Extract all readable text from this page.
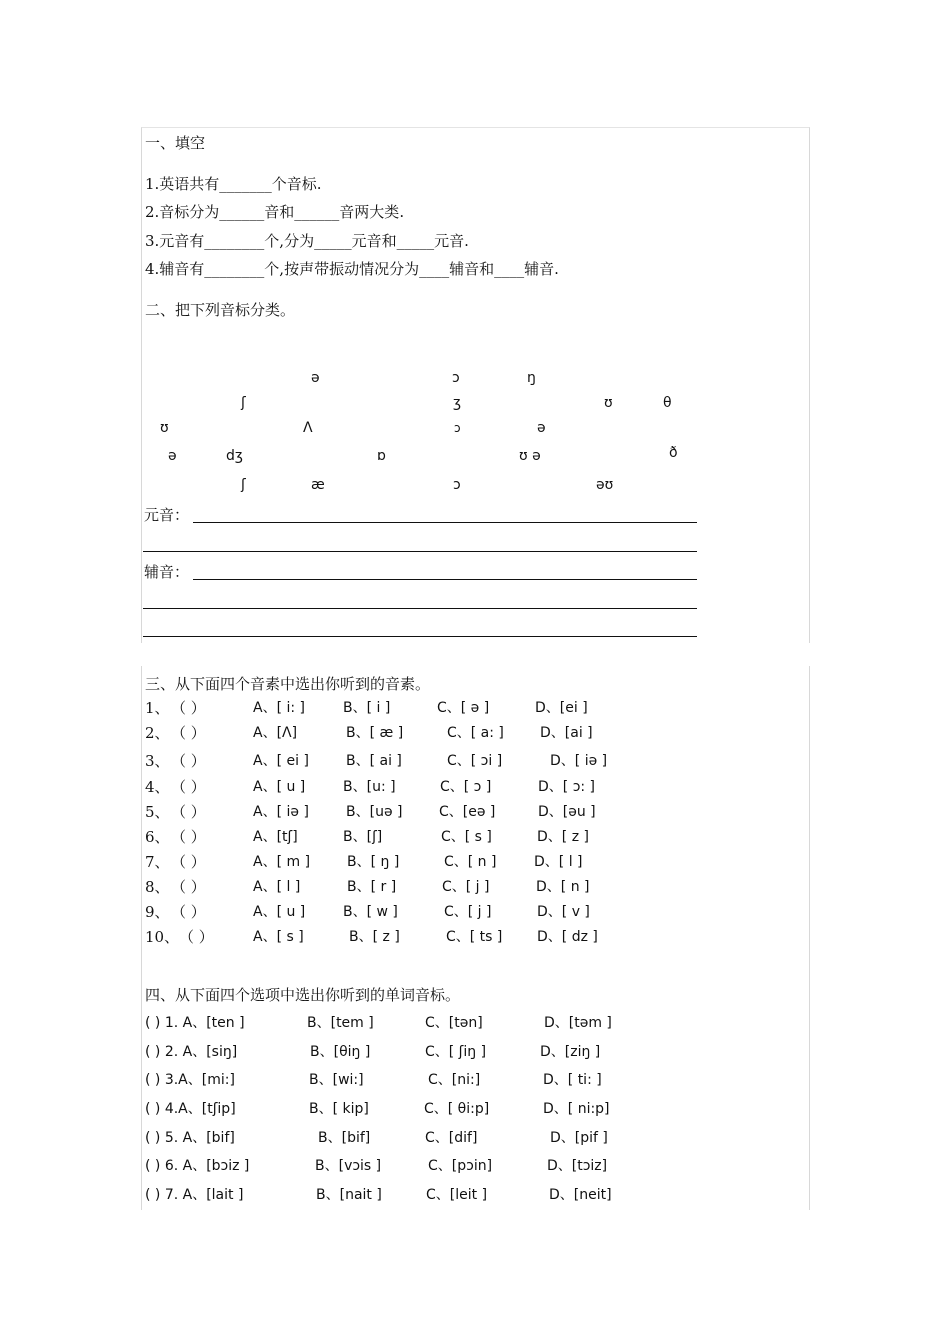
一、填空
1.英语共有_______个音标.
2.音标分为______音和______音两大类.
3.元音有________个,分为_____元音和_____元音.
4.辅音有________个,按声带振动情况分为____辅音和____辅音.
二、把下列音标分类。
ə	ɔ	ŋ
ʃ	ʒ	ʊ	θ
ʊ	Λ	ɔ	ə
ə	dʒ	ɒ	ʊ ə	ð
ʃ	æ	ɔ	əʊ
元音：
辅音：
三、从下面四个音素中选出你听到的音素。
1、 （ ）	A、[ i: ]	B、[ i ]	C、[ ə ]	D、[ei ]
2、 （ ）	A、[Λ]	B、[ æ ]	C、[ a: ]	D、[ai ]
3、 （ ）	A、[ ei ]	B、[ ai ]	C、[ ɔi ]	D、[ iə ]
4、 （ ）	A、[ u ]	B、[u: ]	C、[ ɔ ]	D、[ ɔ: ]
5、 （ ）	A、[ iə ]	B、[uə ]	C、[eə ]	D、[əu ]
6、 （ ）	A、[tʃ]	B、[ʃ]	C、[ s ]	D、[ z ]
7、 （ ）	A、[ m ]	B、[ ŋ ]	C、[ n ]	D、[ l ]
8、 （ ）	A、[ l ]	B、[ r ]	C、[ j ]	D、[ n ]
9、 （ ）	A、[ u ]	B、[ w ]	C、[ j ]	D、[ v ]
10、 （ ）	A、[ s ]	B、[ z ]	C、[ ts ] D、[ dz ]
四、从下面四个选项中选出你听到的单词音标。
( ) 1. A、[ten ]	B、[tem ]	C、[tən]	D、[təm ]
( ) 2. A、[siŋ]	B、[θiŋ ]	C、[ ʃiŋ ]	D、[ziŋ ]
( ) 3.A、[mi:]	B、[wi:]	C、[ni:]	D、[ ti: ]
( ) 4.A、[tʃip]	B、[ kip]	C、[ θi:p]	D、[ ni:p]
( ) 5. A、[bif]	B、[bif]	C、[dif]	D、[pif ]
( ) 6. A、[bɔiz ]	B、[vɔis ]	C、[pɔin]	D、[tɔiz]
( ) 7. A、[lait ]	B、[nait ]	C、[leit ]	D、[neit]
